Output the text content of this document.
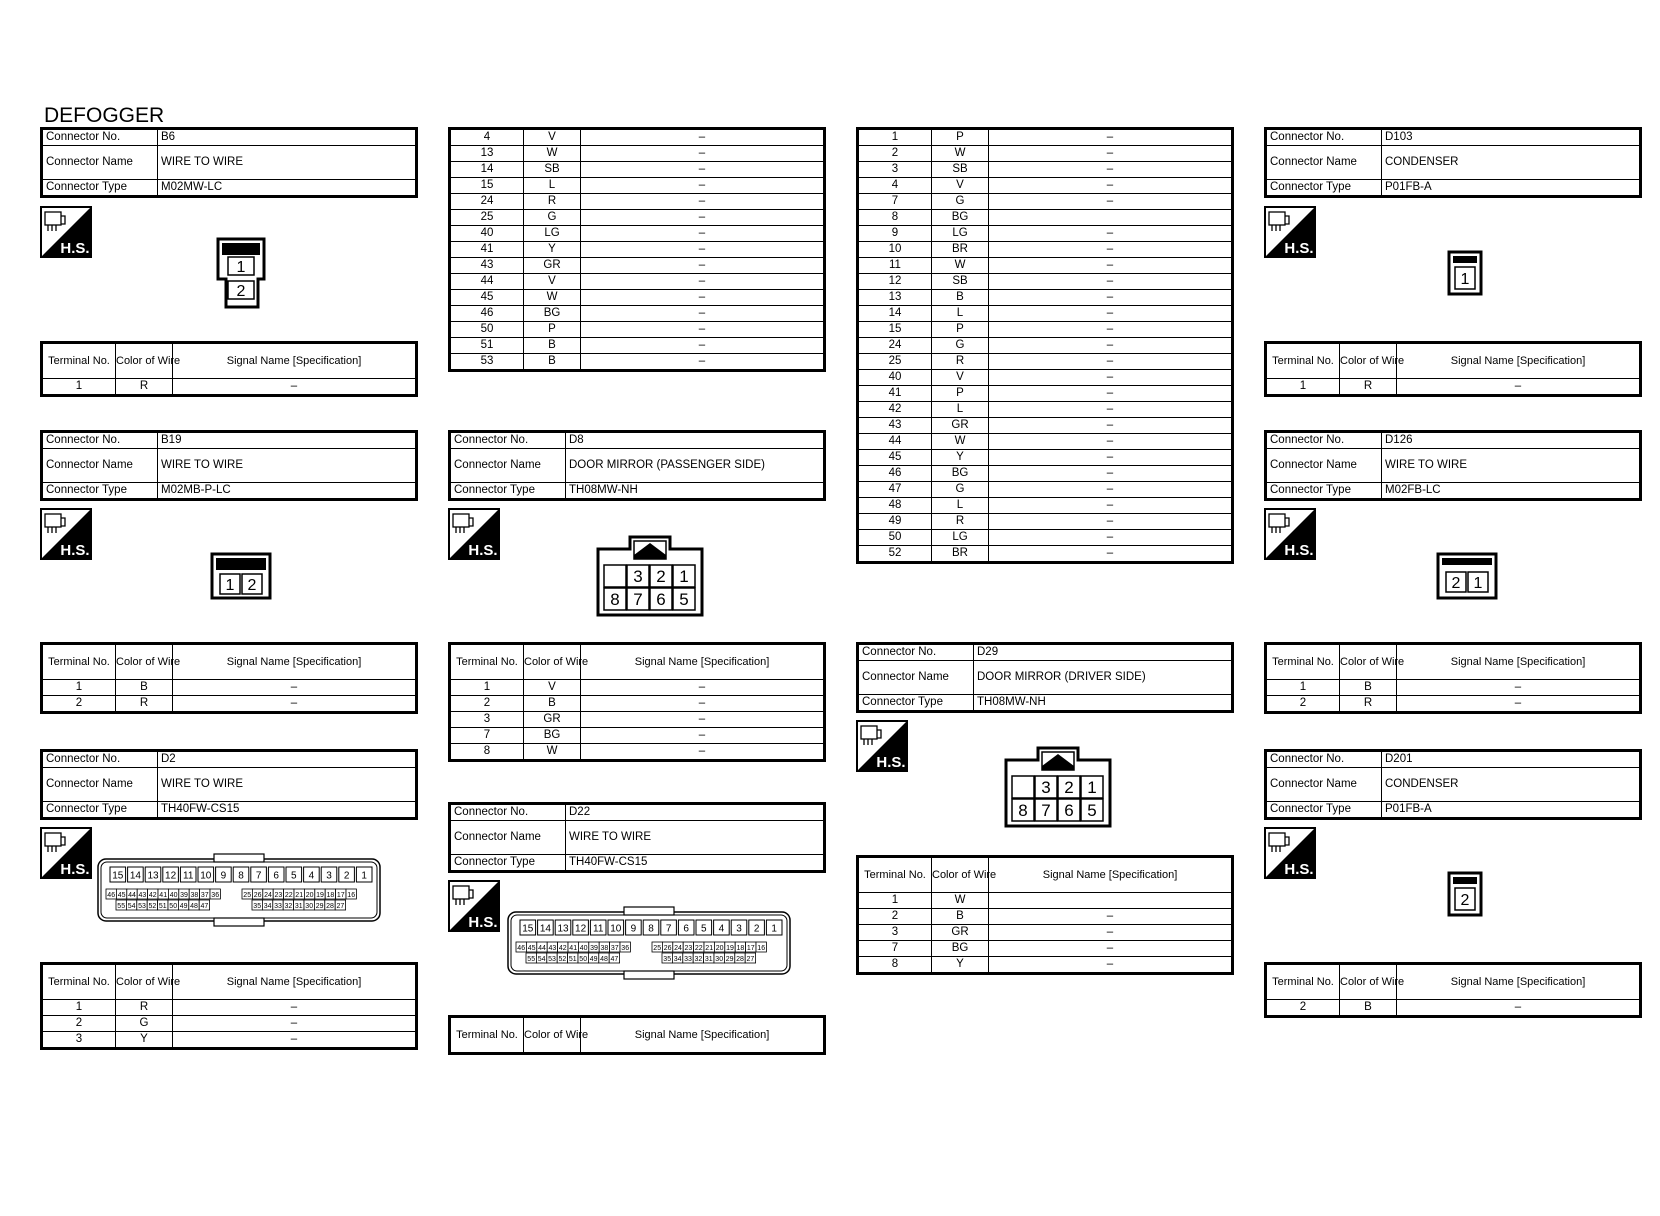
DEFOGGER
Connector No.	B6
Connector Name	WIRE TO WIRE
Connector Type	M02MW-LC
H.S.
1
2
Terminal No.	Color of Wire	Signal Name [Specification]
1	R	–
Connector No.	B19
Connector Name	WIRE TO WIRE
Connector Type	M02MB-P-LC
H.S.
1 2
Terminal No.	Color of Wire	Signal Name [Specification]
1	B	–
2	R	–
Connector No.	D2
Connector Name	WIRE TO WIRE
Connector Type	TH40FW-CS15
H.S. 15 14 13 12 11 10 9 8 7 6 5 4 3 2 1
46 45 44 43 42 41 40 39 38 37 36	25 26 24 23 22 21 20 19 18 17 16
55 54 53 52 51 50 49 48 47	35 34 33 32 31 30 29 28 27
Terminal No.	Color of Wire	Signal Name [Specification]
1	R	–
2	G	–
3	Y	–
4	V	–
13	W	–
14	SB	–
15	L	–
24	R	–
25	G	–
40	LG	–
41	Y	–
43	GR	–
44	V	–
45	W	–
46	BG	–
50	P	–
51	B	–
53	B	–
Connector No.	D8
Connector Name	DOOR MIRROR (PASSENGER SIDE)
Connector Type	TH08MW-NH
H.S.
8
3
7
2
6
1
5
Terminal No.	Color of Wire	Signal Name [Specification]
1	V	–
2	B	–
3	GR	–
7	BG	–
8	W	–
Connector No.	D22
Connector Name	WIRE TO WIRE
Connector Type	TH40FW-CS15
H.S. 15 14 13 12 11 10 9 8 7 6 5 4 3 2 1
46 45 44 43 42 41 40 39 38 37 36	25 26 24 23 22 21 20 19 18 17 16
55 54 53 52 51 50 49 48 47	35 34 33 32 31 30 29 28 27
Terminal No.	Color of Wire	Signal Name [Specification]
1	P	–
2	W	–
3	SB	–
4	V	–
7	G	–
8	BG	
9	LG	–
10	BR	–
11	W	–
12	SB	–
13	B	–
14	L	–
15	P	–
24	G	–
25	R	–
40	V	–
41	P	–
42	L	–
43	GR	–
44	W	–
45	Y	–
46	BG	–
47	G	–
48	L	–
49	R	–
50	LG	–
52	BR	–
Connector No.	D29
Connector Name	DOOR MIRROR (DRIVER SIDE)
Connector Type	TH08MW-NH
H.S.
8
3
7
2
6
1
5
Terminal No.	Color of Wire	Signal Name [Specification]
1	W	
2	B	–
3	GR	–
7	BG	–
8	Y	–
Connector No.	D103
Connector Name	CONDENSER
Connector Type	P01FB-A
H.S.
1
Terminal No.	Color of Wire	Signal Name [Specification]
1	R	–
Connector No.	D126
Connector Name	WIRE TO WIRE
Connector Type	M02FB-LC
H.S.
2 1
Terminal No.	Color of Wire	Signal Name [Specification]
1	B	–
2	R	–
Connector No.	D201
Connector Name	CONDENSER
Connector Type	P01FB-A
H.S.
2
Terminal No.	Color of Wire	Signal Name [Specification]
2	B	–
